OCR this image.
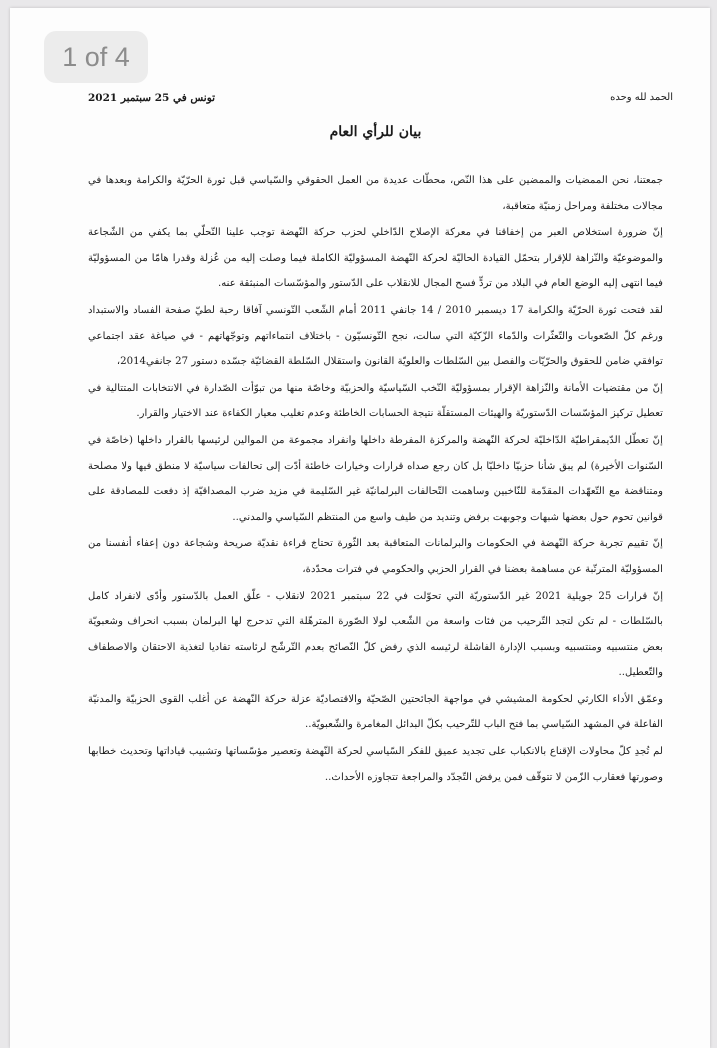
1 of 4
الحمد لله وحده
تونس في 25 سبتمبر 2021
بيان للرأي العام

جمعتنا، نحن الممضيات والممضين على هذا النّص، محطّات عديدة من العمل الحقوقي والسّياسي قبل ثورة الحرّيّة والكرامة وبعدها في مجالات مختلفة ومراحل زمنيّة متعاقبة،

إنّ ضرورة استخلاص العبر من إخفاقنا في معركة الإصلاح الدّاخلي لحزب حركة النّهضة توجب علينا التّحلّي بما يكفي من الشّجاعة والموضوعيّة والنّزاهة للإقرار بتحمّل القيادة الحاليّة لحركة النّهضة المسؤوليّة الكاملة فيما وصلت إليه من عُزلة وقدرا هامّا من المسؤوليّة فيما انتهى إليه الوضع العام في البلاد من تردٍّ فسح المجال للانقلاب على الدّستور والمؤسّسات المنبثقة عنه.

لقد فتحت ثورة الحرّيّة والكرامة 17 ديسمبر 2010 / 14 جانفي 2011 أمام الشّعب التّونسي آفاقا رحبة لطيّ صفحة الفساد والاستبداد ورغم كلّ الصّعوبات والتّعثّرات والدّماء الزّكيّة التي سالت، نجح التّونسيّون - باختلاف انتماءاتهم وتوجّهاتهم - في صياغة عقد اجتماعي توافقي ضامن للحقوق والحرّيّات والفصل بين السّلطات والعلويّة القانون واستقلال السّلطة القضائيّة جسّده دستور 27 جانفي2014،

إنّ من مقتضيات الأمانة والنّزاهة الإقرار بمسؤوليّة النّخب السّياسيّة والحزبيّة وخاصّة منها من تبوّأت الصّدارة في الانتخابات المتتالية في تعطيل تركيز المؤسّسات الدّستوريّة والهيئات المستقلّة نتيجة الحسابات الخاطئة وعدم تغليب معيار الكفاءة عند الاختيار والقرار.

إنّ تعطّل الدّيمقراطيّة الدّاخليّة لحركة النّهضة والمركزة المفرطة داخلها وانفراد مجموعة من الموالين لرئيسها بالقرار داخلها (خاصّة في السّنوات الأخيرة) لم يبق شأنا حزبيّا داخليّا بل كان رجع صداه قرارات وخيارات خاطئة أدّت إلى تحالفات سياسيّة لا منطق فيها ولا مصلحة ومتناقضة مع التّعهّدات المقدّمة للنّاخبين وساهمت التّحالفات البرلمانيّة غير السّليمة في مزيد ضرب المصداقيّة إذ دفعت للمصادقة على قوانين تحوم حول بعضها شبهات وجوبهت برفض وتنديد من طيف واسع من المنتظم السّياسي والمدني..

إنّ تقييم تجربة حركة النّهضة في الحكومات والبرلمانات المتعاقبة بعد الثّورة تحتاج قراءة نقديّة صريحة وشجاعة دون إعفاء أنفسنا من المسؤوليّة المترتّبة عن مساهمة بعضنا في القرار الحزبي والحكومي في فترات محدّدة،

إنّ قرارات 25 جويلية 2021 غير الدّستوريّة التي تحوّلت في 22 سبتمبر 2021 لانقلاب - علّق العمل بالدّستور وأدّى لانفراد كامل بالسّلطات - لم تكن لتجد التّرحيب من فئات واسعة من الشّعب لولا الصّورة المترهّلة التي تدحرج لها البرلمان بسبب انحراف وشعبويّة بعض منتسبيه ومنتسبيه وبسبب الإدارة الفاشلة لرئيسه الذي رفض كلّ النّصائح بعدم التّرشّح لرئاسته تفاديا لتغذية الاحتقان والاصطفاف والتّعطيل..

وعمّق الأداء الكارثي لحكومة المشيشي في مواجهة الجائحتين الصّحيّة والاقتصاديّة عزلة حركة النّهضة عن أغلب القوى الحزبيّة والمدنيّة الفاعلة في المشهد السّياسي بما فتح الباب للتّرحيب بكلّ البدائل المغامرة والشّعبويّة..

لم تُجدِ كلّ محاولات الإقناع بالانكباب على تجديد عميق للفكر السّياسي لحركة النّهضة وتعصير مؤسّساتها وتشبيب قياداتها وتحديث خطابها وصورتها فعقارب الزّمن لا تتوقّف فمن يرفض التّجدّد والمراجعة تتجاوزه الأحداث..
